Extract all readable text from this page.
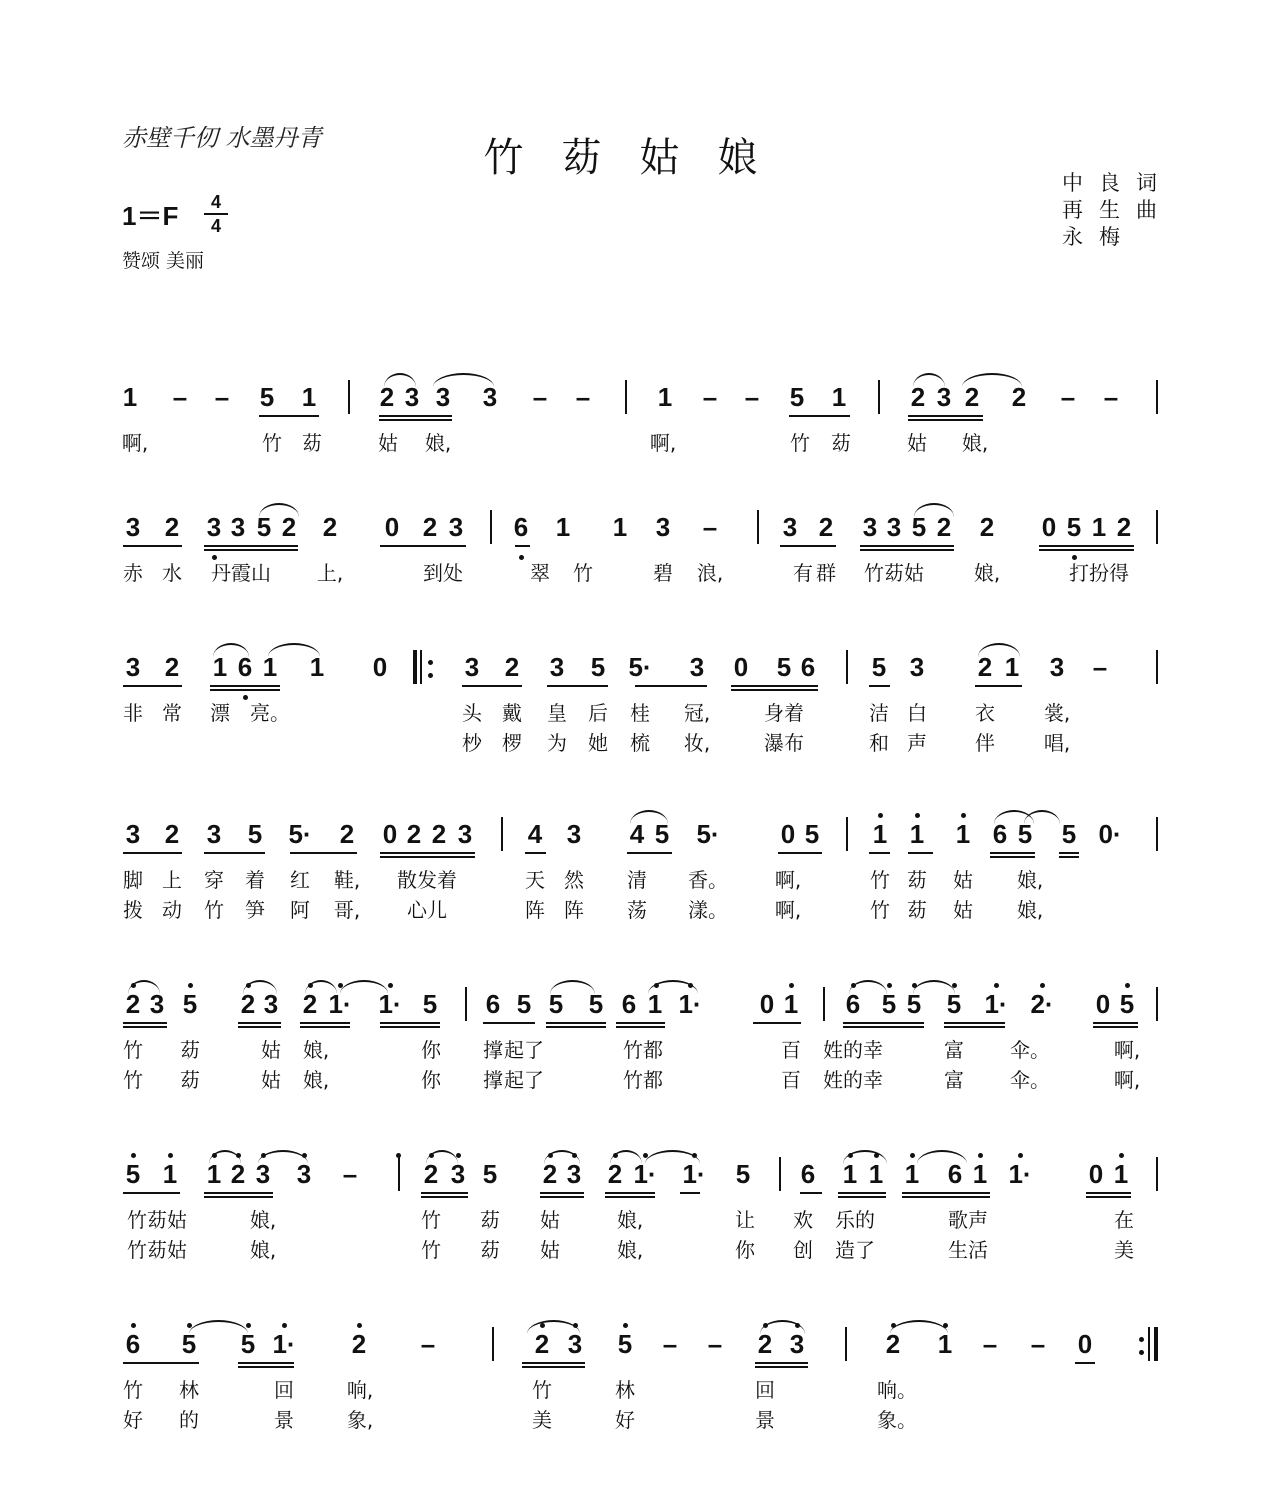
赤壁千仞 水墨丹青	竹苭姑娘
1＝F	4
4
赞颂 美丽
中良词
再生曲
永梅
1 – – 5 1 2 3 3 3 – –	1 – – 5 1 2 3 2 2 – –
啊,	竹 苭	姑 娘,	啊,	竹 苭	姑 娘,
3 2 3 3 5 2 2 0 2 3 6 1 1 3 –	3 2 3 3 5 2 2 0 5 1 2
赤 水 丹霞山 上,	到处	翠 竹	碧 浪,	有 群 竹苭姑 娘,	打扮得
3 2 1 6 1 1 0	3 2 3 5 5· 3 0 5 6 5 3 2 1 3 –
非 常 漂 亮。	头 戴 皇 后 桂 冠,	身着	洁 白 衣 裳,
杪 椤 为 她 梳 妆,	瀑布	和 声 伴 唱,
3 2 3 5 5· 2 0 2 2 3 4 3 4 5 5· 0 5 1 1 1 6 5 5 0·
脚 上 穿 着 红 鞋, 散发着	天 然 清 香。 啊,	竹 苭 姑 娘,
拨 动 竹 笋 阿 哥, 心儿	阵 阵 荡 漾。 啊,	竹 苭 姑 娘,
2 3 5 2 3 2 1· 1· 5 6 5 5 5 6 1 1· 0 1 6 5 5 5 1· 2· 0 5
竹 苭	姑 娘,	你 撑 起了	竹都	百 姓的幸	富 伞。	啊,
竹 苭	姑 娘,	你 撑 起了	竹都	百 姓的幸	富 伞。	啊,
5 1 1 2 3 3 –	2 3 5 2 3 2 1· 1· 5 6 1 1 1 6 1 1· 0 1
竹苭姑	娘,	竹 苭 姑	娘,	让 欢 乐的	歌声	在
竹苭姑	娘,	竹 苭 姑	娘,	你 创 造了	生活	美
6 5 5 1· 2 –	2 3 5 – – 2 3	2 1 – – 0
竹 林	回	响,	竹	林	回	响。
好 的	景	象,	美	好	景	象。
